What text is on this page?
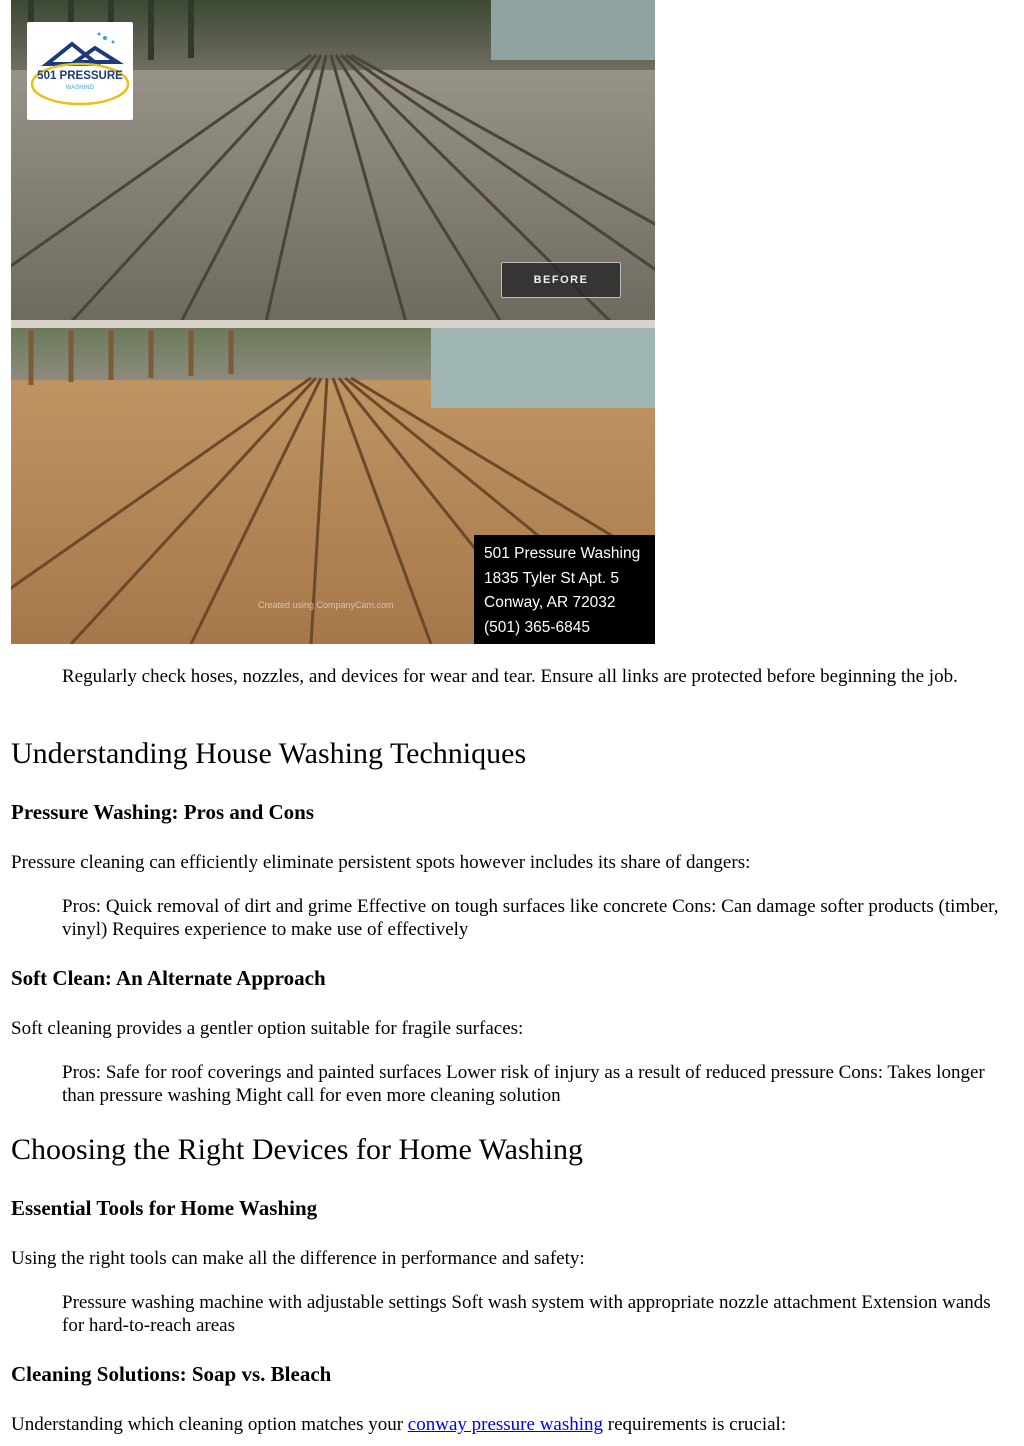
501 PRESSURE
WASHING
BEFORE
Created using CompanyCam.com
501 Pressure Washing
1835 Tyler St Apt. 5
Conway, AR 72032
(501) 365-6845

Regularly check hoses, nozzles, and devices for wear and tear. Ensure all links are protected before beginning the job.

Understanding House Washing Techniques
Pressure Washing: Pros and Cons

Pressure cleaning can efficiently eliminate persistent spots however includes its share of dangers:

Pros: Quick removal of dirt and grime Effective on tough surfaces like concrete Cons: Can damage softer products (timber, vinyl) Requires experience to make use of effectively

Soft Clean: An Alternate Approach

Soft cleaning provides a gentler option suitable for fragile surfaces:

Pros: Safe for roof coverings and painted surfaces Lower risk of injury as a result of reduced pressure Cons: Takes longer than pressure washing Might call for even more cleaning solution

Choosing the Right Devices for Home Washing
Essential Tools for Home Washing

Using the right tools can make all the difference in performance and safety:

Pressure washing machine with adjustable settings Soft wash system with appropriate nozzle attachment Extension wands for hard-to-reach areas

Cleaning Solutions: Soap vs. Bleach

Understanding which cleaning option matches your conway pressure washing requirements is crucial:
